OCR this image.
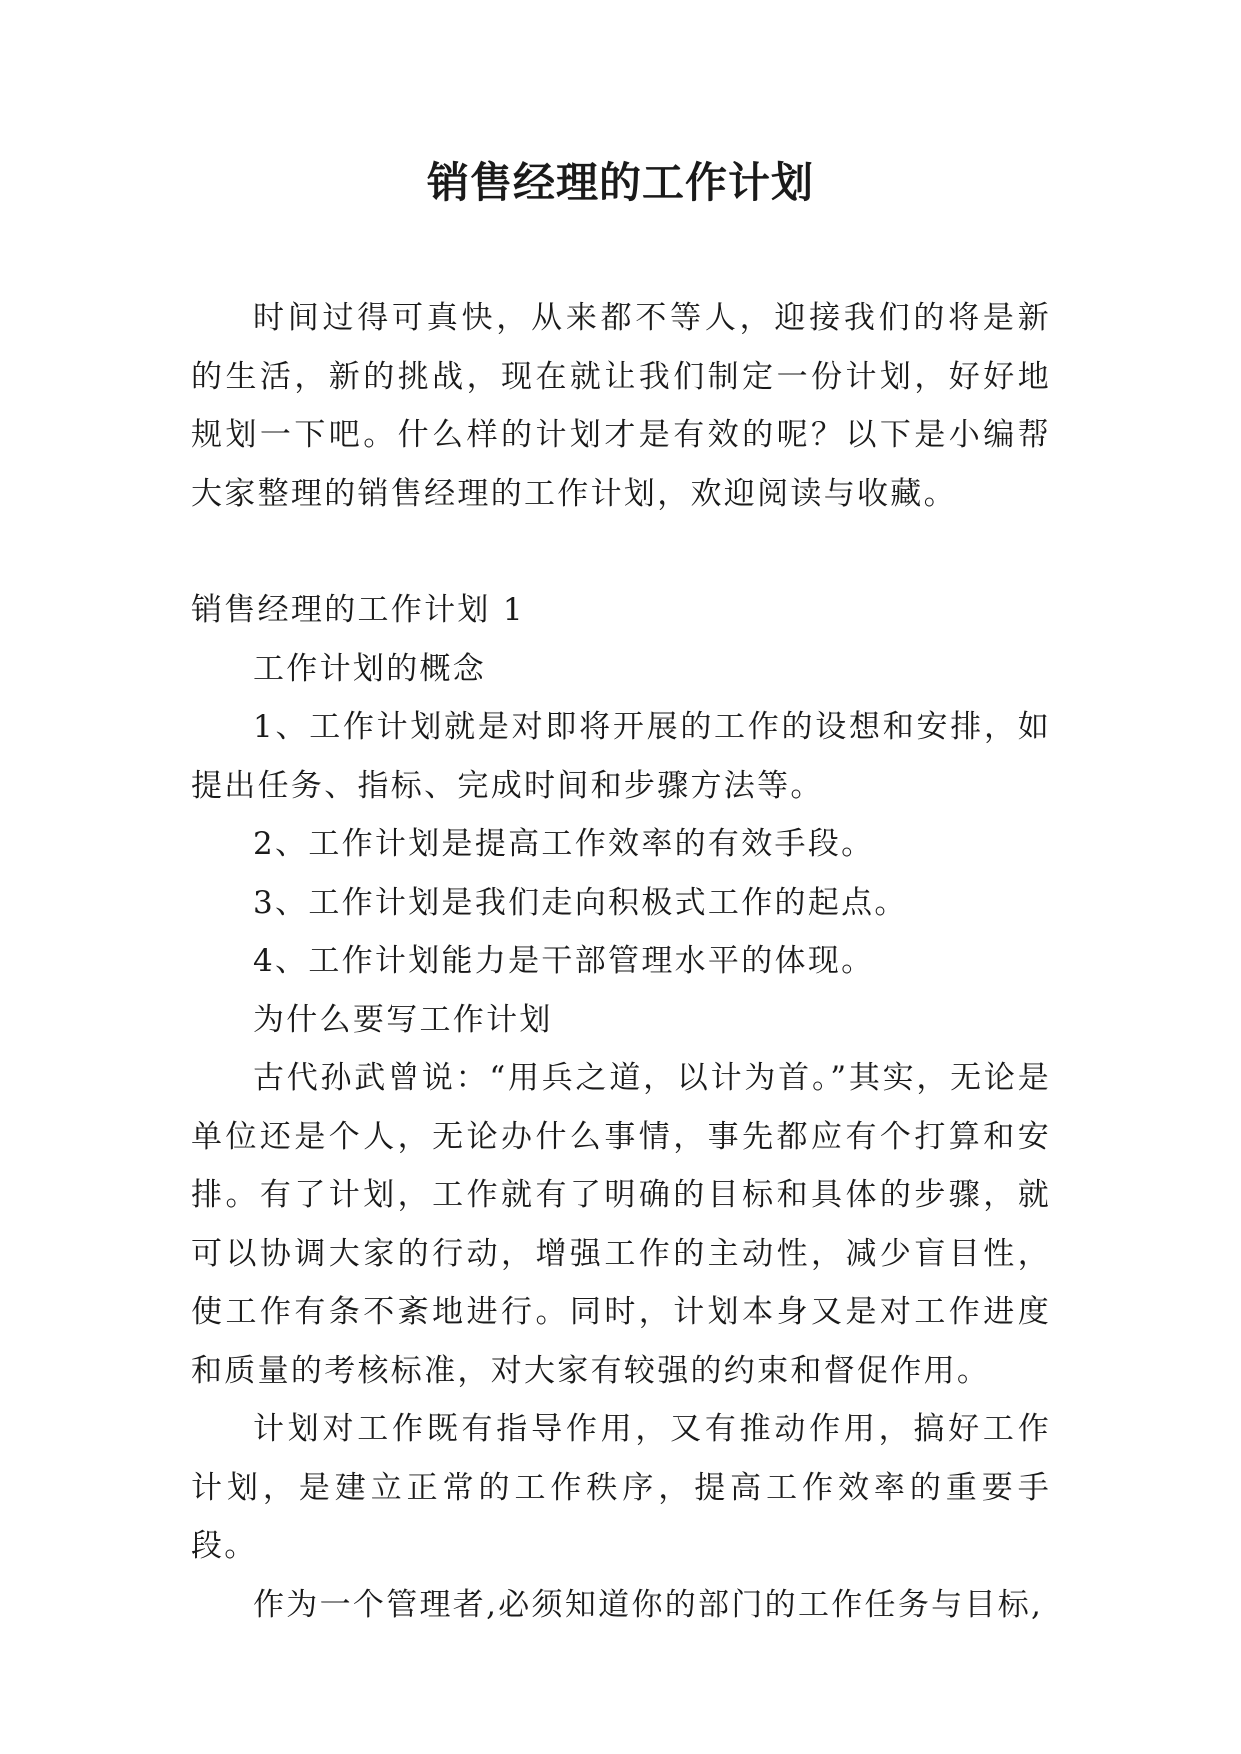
销售经理的工作计划

时间过得可真快，从来都不等人，迎接我们的将是新的生活，新的挑战，现在就让我们制定一份计划，好好地规划一下吧。什么样的计划才是有效的呢？以下是小编帮大家整理的销售经理的工作计划，欢迎阅读与收藏。

销售经理的工作计划 1

工作计划的概念

1、工作计划就是对即将开展的工作的设想和安排，如提出任务、指标、完成时间和步骤方法等。

2、工作计划是提高工作效率的有效手段。

3、工作计划是我们走向积极式工作的起点。

4、工作计划能力是干部管理水平的体现。

为什么要写工作计划

古代孙武曾说：“用兵之道，以计为首。”其实，无论是单位还是个人，无论办什么事情，事先都应有个打算和安排。有了计划，工作就有了明确的目标和具体的步骤，就可以协调大家的行动，增强工作的主动性，减少盲目性，使工作有条不紊地进行。同时，计划本身又是对工作进度和质量的考核标准，对大家有较强的约束和督促作用。

计划对工作既有指导作用，又有推动作用，搞好工作计划，是建立正常的工作秩序，提高工作效率的重要手段。

作为一个管理者,必须知道你的部门的工作任务与目标,
